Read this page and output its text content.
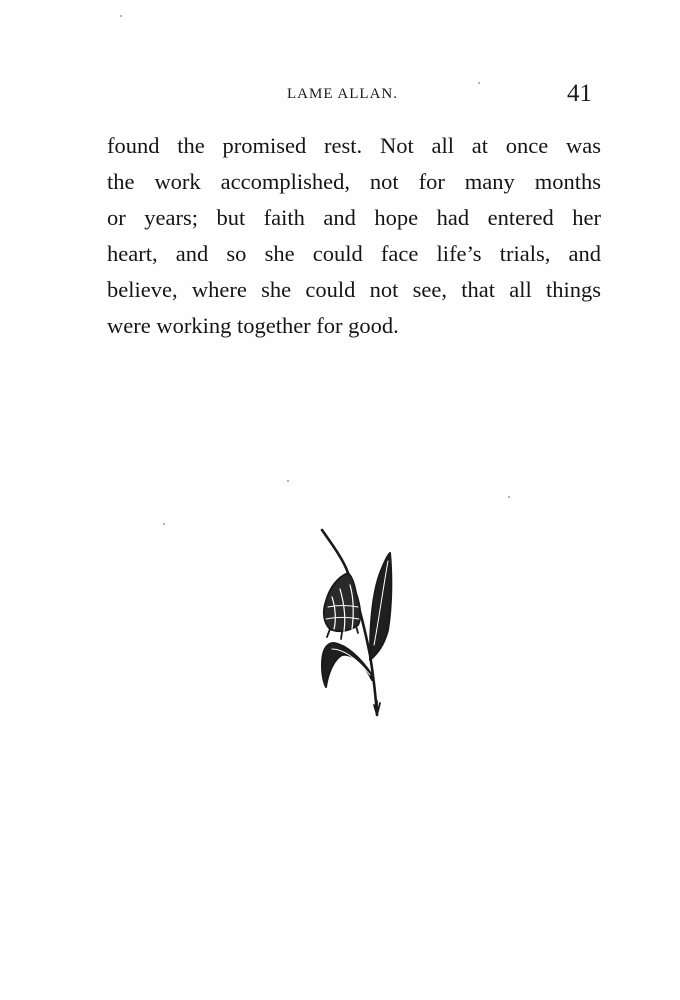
LAME ALLAN.	41
found the promised rest. Not all at once was
the work accomplished, not for many months
or years; but faith and hope had entered her
heart, and so she could face life’s trials, and
believe, where she could not see, that all things
were working together for good.
